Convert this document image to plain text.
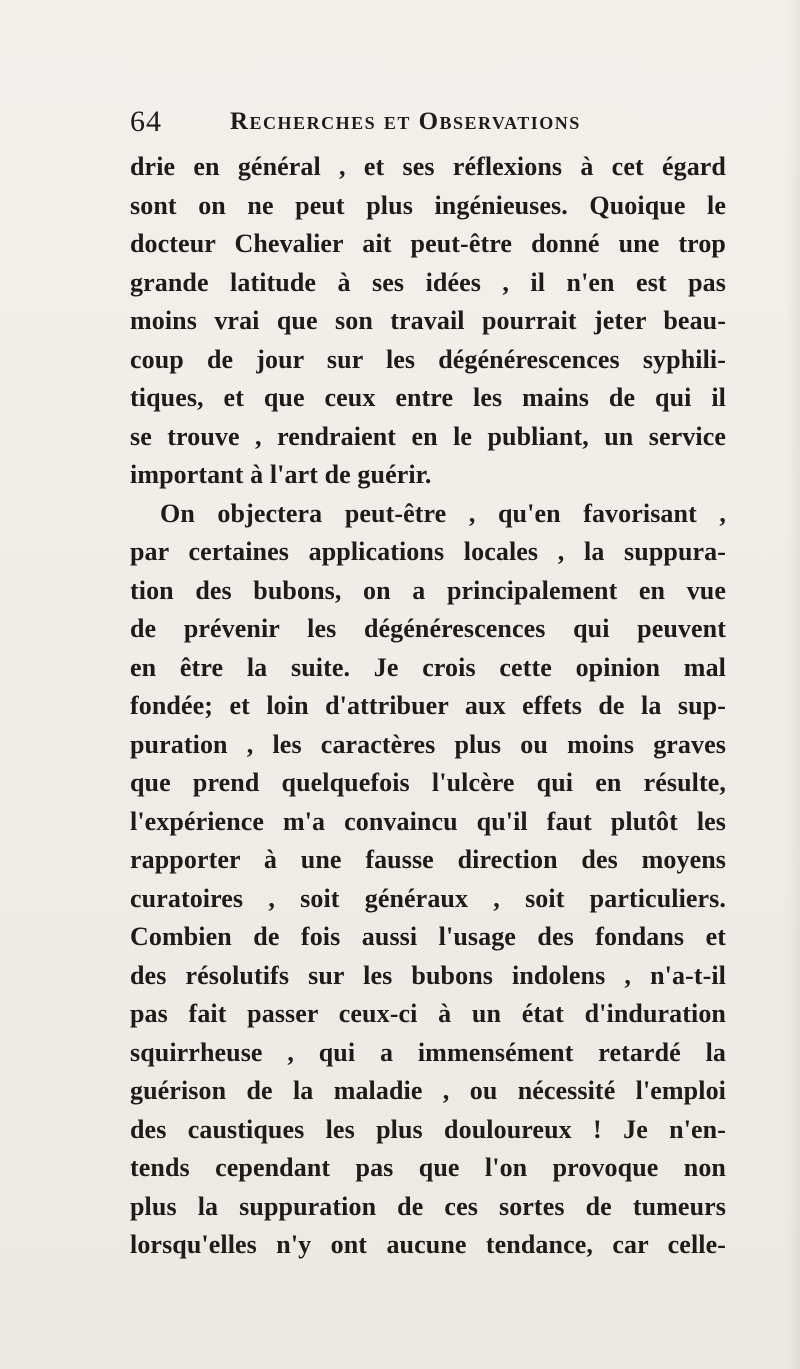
64	Recherches et Observations
drie en général , et ses réflexions à cet égard
sont on ne peut plus ingénieuses. Quoique le
docteur Chevalier ait peut-être donné une trop
grande latitude à ses idées , il n'en est pas
moins vrai que son travail pourrait jeter beau-
coup de jour sur les dégénérescences syphili-
tiques, et que ceux entre les mains de qui il
se trouve , rendraient en le publiant, un service
important à l'art de guérir.
On objectera peut-être , qu'en favorisant ,
par certaines applications locales , la suppura-
tion des bubons, on a principalement en vue
de prévenir les dégénérescences qui peuvent
en être la suite. Je crois cette opinion mal
fondée; et loin d'attribuer aux effets de la sup-
puration , les caractères plus ou moins graves
que prend quelquefois l'ulcère qui en résulte,
l'expérience m'a convaincu qu'il faut plutôt les
rapporter à une fausse direction des moyens
curatoires , soit généraux , soit particuliers.
Combien de fois aussi l'usage des fondans et
des résolutifs sur les bubons indolens , n'a-t-il
pas fait passer ceux-ci à un état d'induration
squirrheuse , qui a immensément retardé la
guérison de la maladie , ou nécessité l'emploi
des caustiques les plus douloureux ! Je n'en-
tends cependant pas que l'on provoque non
plus la suppuration de ces sortes de tumeurs
lorsqu'elles n'y ont aucune tendance, car celle-
